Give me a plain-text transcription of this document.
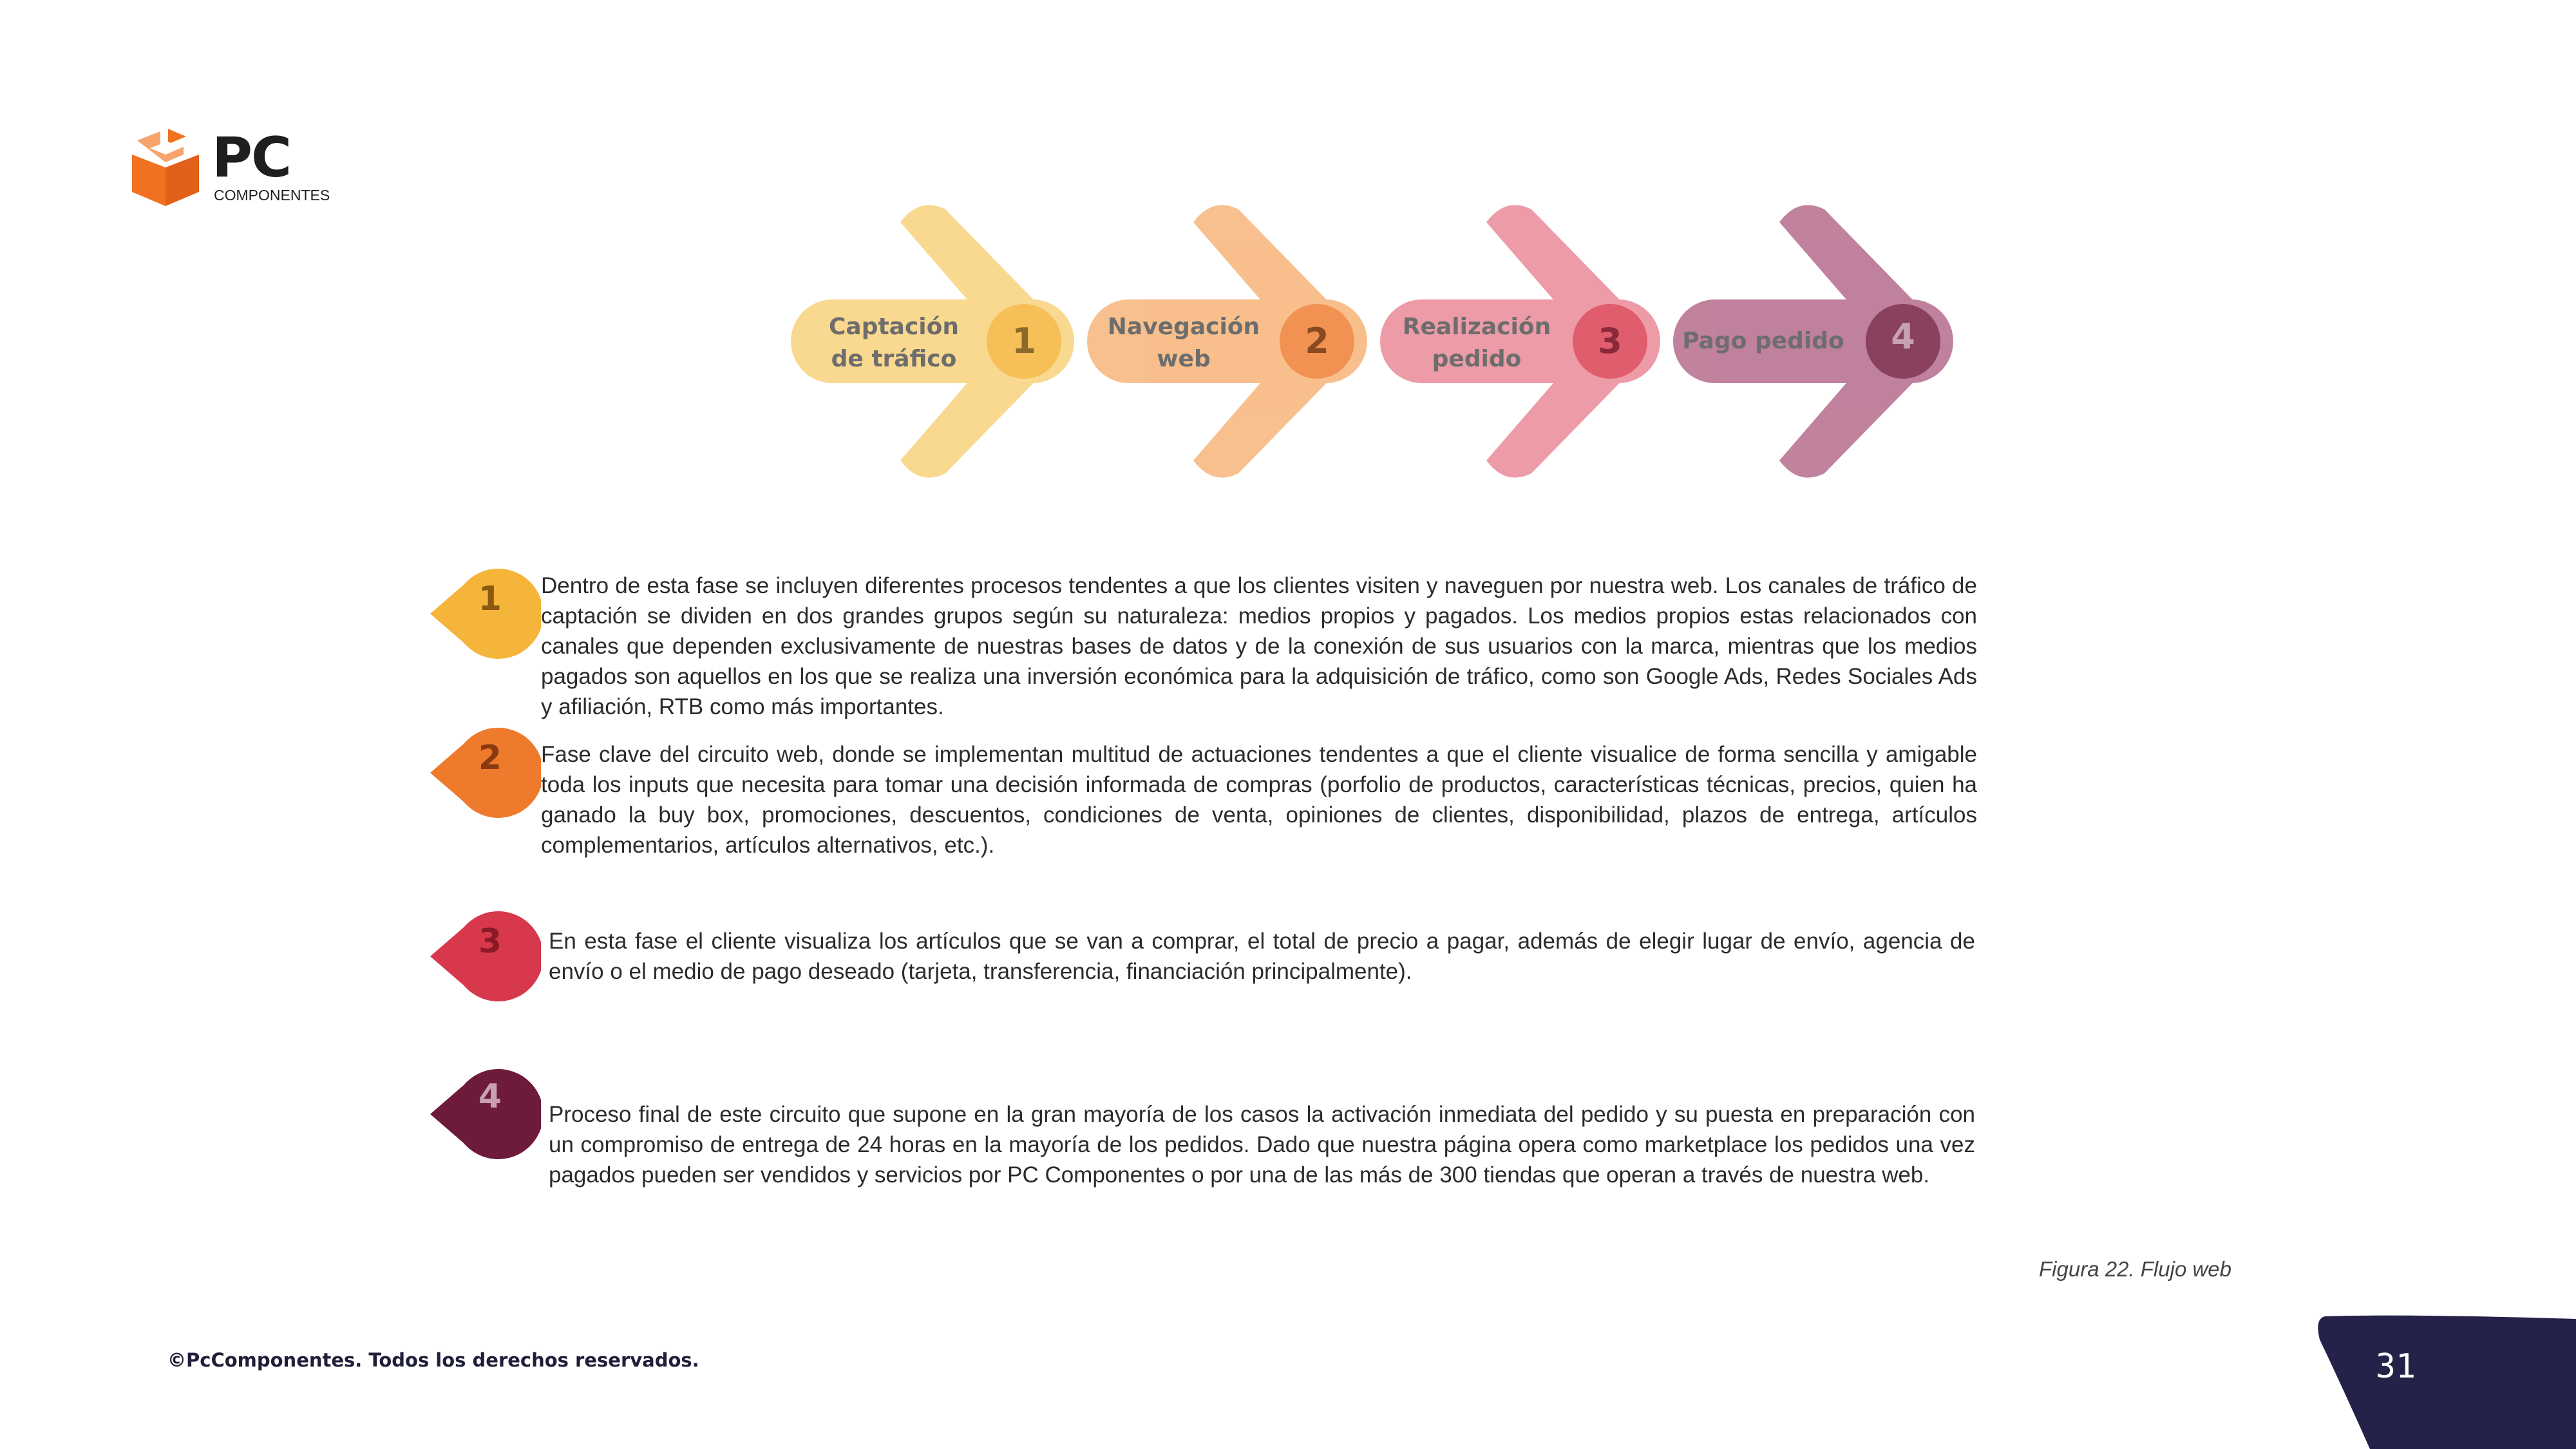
PC
COMPONENTES
Captación
de tráfico	1	Navegación
web	2	Realización
pedido	3	Pago pedido	4
1	Dentro de esta fase se incluyen diferentes procesos tendentes a que los clientes visiten y naveguen por nuestra web. Los canales de tráfico de captación se dividen en dos grandes grupos según su naturaleza: medios propios y pagados. Los medios propios estas relacionados con canales que dependen exclusivamente de nuestras bases de datos y de la conexión de sus usuarios con la marca, mientras que los medios pagados son aquellos en los que se realiza una inversión económica para la adquisición de tráfico, como son Google Ads, Redes Sociales Ads y afiliación, RTB como más importantes.
2	Fase clave del circuito web, donde se implementan multitud de actuaciones tendentes a que el cliente visualice de forma sencilla y amigable toda los inputs que necesita para tomar una decisión informada de compras (porfolio de productos, características técnicas, precios, quien ha ganado la buy box, promociones, descuentos, condiciones de venta, opiniones de clientes, disponibilidad, plazos de entrega, artículos complementarios, artículos alternativos, etc.).
3	En esta fase el cliente visualiza los artículos que se van a comprar, el total de precio a pagar, además de elegir lugar de envío, agencia de envío o el medio de pago deseado (tarjeta, transferencia, financiación principalmente).
4	Proceso final de este circuito que supone en la gran mayoría de los casos la activación inmediata del pedido y su puesta en preparación con un compromiso de entrega de 24 horas en la mayoría de los pedidos. Dado que nuestra página opera como marketplace los pedidos una vez pagados pueden ser vendidos y servicios por PC Componentes o por una de las más de 300 tiendas que operan a través de nuestra web.
Figura 22. Flujo web
©PcComponentes. Todos los derechos reservados.	31
